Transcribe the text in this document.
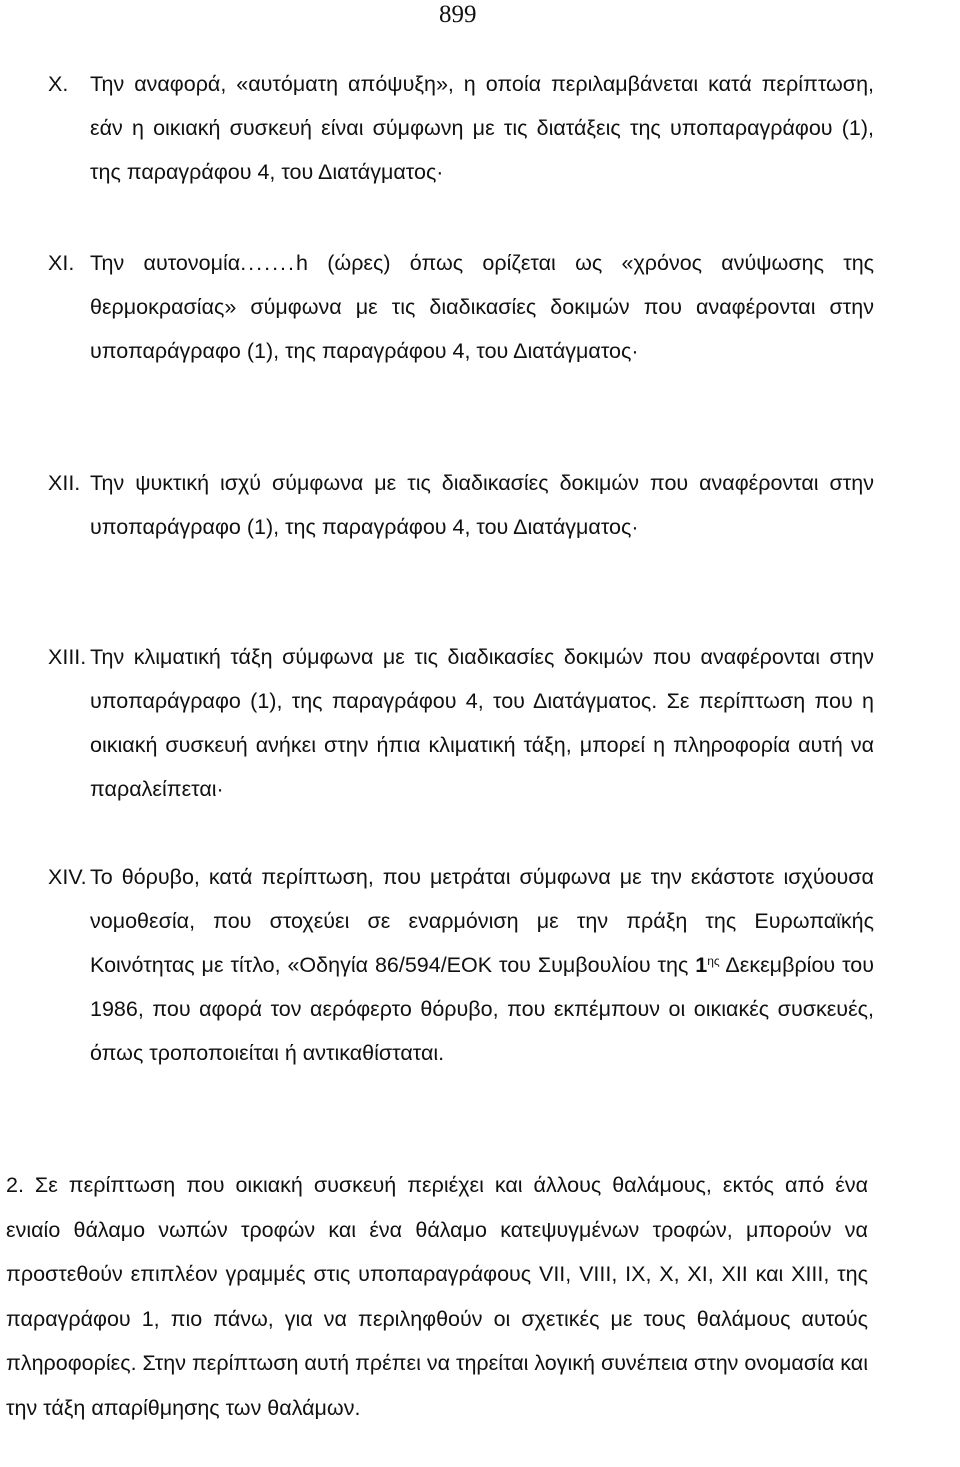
899
X. Την αναφορά, «αυτόματη απόψυξη», η οποία περιλαμβάνεται κατά περίπτωση, εάν η οικιακή συσκευή είναι σύμφωνη με τις διατάξεις της υποπαραγράφου (1), της παραγράφου 4, του Διατάγματος·
XI. Την αυτονομία.......h (ώρες) όπως ορίζεται ως «χρόνος ανύψωσης της θερμοκρασίας» σύμφωνα με τις διαδικασίες δοκιμών που αναφέρονται στην υποπαράγραφο (1), της παραγράφου 4, του Διατάγματος·
XII. Την ψυκτική ισχύ σύμφωνα με τις διαδικασίες δοκιμών που αναφέρονται στην υποπαράγραφο (1), της παραγράφου 4, του Διατάγματος·
XIII. Την κλιματική τάξη σύμφωνα με τις διαδικασίες δοκιμών που αναφέρονται στην υποπαράγραφο (1), της παραγράφου 4, του Διατάγματος. Σε περίπτωση που η οικιακή συσκευή ανήκει στην ήπια κλιματική τάξη, μπορεί η πληροφορία αυτή να παραλείπεται·
XIV. Το θόρυβο, κατά περίπτωση, που μετράται σύμφωνα με την εκάστοτε ισχύουσα νομοθεσία, που στοχεύει σε εναρμόνιση με την πράξη της Ευρωπαϊκής Κοινότητας με τίτλο, «Οδηγία 86/594/ΕΟΚ του Συμβουλίου της $1^{\eta\varsigma}$ Δεκεμβρίου του 1986, που αφορά τον αερόφερτο θόρυβο, που εκπέμπουν οι οικιακές συσκευές, όπως τροποποιείται ή αντικαθίσταται.
2. Σε περίπτωση που οικιακή συσκευή περιέχει και άλλους θαλάμους, εκτός από ένα ενιαίο θάλαμο νωπών τροφών και ένα θάλαμο κατεψυγμένων τροφών, μπορούν να προστεθούν επιπλέον γραμμές στις υποπαραγράφους VII, VIII, IX, X, XI, XII και XIII, της παραγράφου 1, πιο πάνω, για να περιληφθούν οι σχετικές με τους θαλάμους αυτούς πληροφορίες. Στην περίπτωση αυτή πρέπει να τηρείται λογική συνέπεια στην ονομασία και την τάξη απαρίθμησης των θαλάμων.
